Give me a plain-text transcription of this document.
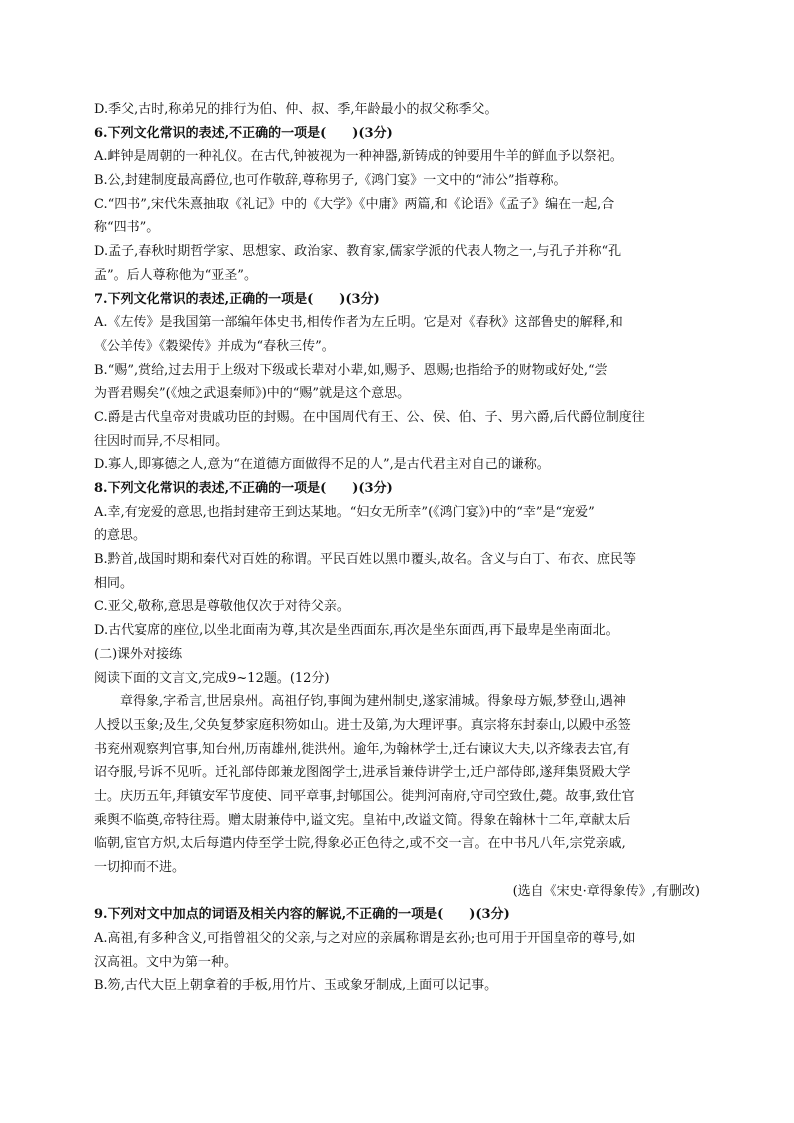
D.季父,古时,称弟兄的排行为伯、仲、叔、季,年龄最小的叔父称季父。
6.下列文化常识的表述,不正确的一项是(　　)(3分)
A.衅钟是周朝的一种礼仪。在古代,钟被视为一种神器,新铸成的钟要用牛羊的鲜血予以祭祀。
B.公,封建制度最高爵位,也可作敬辞,尊称男子,《鸿门宴》一文中的“沛公”指尊称。
C.“四书”,宋代朱熹抽取《礼记》中的《大学》《中庸》两篇,和《论语》《孟子》编在一起,合
称“四书”。
D.孟子,春秋时期哲学家、思想家、政治家、教育家,儒家学派的代表人物之一,与孔子并称“孔
孟”。后人尊称他为“亚圣”。
7.下列文化常识的表述,正确的一项是(　　)(3分)
A.《左传》是我国第一部编年体史书,相传作者为左丘明。它是对《春秋》这部鲁史的解释,和
《公羊传》《穀梁传》并成为“春秋三传”。
B.“赐”,赏给,过去用于上级对下级或长辈对小辈,如,赐予、恩赐;也指给予的财物或好处,“尝
为晋君赐矣”(《烛之武退秦师》)中的“赐”就是这个意思。
C.爵是古代皇帝对贵戚功臣的封赐。在中国周代有王、公、侯、伯、子、男六爵,后代爵位制度往
往因时而异,不尽相同。
D.寡人,即寡德之人,意为“在道德方面做得不足的人”,是古代君主对自己的谦称。
8.下列文化常识的表述,不正确的一项是(　　)(3分)
A.幸,有宠爱的意思,也指封建帝王到达某地。“妇女无所幸”(《鸿门宴》)中的“幸”是“宠爱”
的意思。
B.黔首,战国时期和秦代对百姓的称谓。平民百姓以黑巾覆头,故名。含义与白丁、布衣、庶民等
相同。
C.亚父,敬称,意思是尊敬他仅次于对待父亲。
D.古代宴席的座位,以坐北面南为尊,其次是坐西面东,再次是坐东面西,再下最卑是坐南面北。
(二)课外对接练
阅读下面的文言文,完成9~12题。(12分)
章得象,字希言,世居泉州。高祖仔钧,事闽为建州制史,遂家浦城。得象母方娠,梦登山,遇神
人授以玉象;及生,父奂复梦家庭积笏如山。进士及第,为大理评事。真宗将东封泰山,以殿中丞签
书兖州观察判官事,知台州,历南雄州,徙洪州。逾年,为翰林学士,迁右谏议大夫,以齐缘表去官,有
诏夺服,号诉不见听。迁礼部侍郎兼龙图阁学士,进承旨兼侍讲学士,迁户部侍郎,遂拜集贤殿大学
士。庆历五年,拜镇安军节度使、同平章事,封郇国公。徙判河南府,守司空致仕,薨。故事,致仕官
乘舆不临奠,帝特往焉。赠太尉兼侍中,谥文宪。皇祐中,改谥文简。得象在翰林十二年,章献太后
临朝,宦官方炽,太后每遣内侍至学士院,得象必正色待之,或不交一言。在中书凡八年,宗党亲戚,
一切抑而不进。
(选自《宋史·章得象传》,有删改)
9.下列对文中加点的词语及相关内容的解说,不正确的一项是(　　)(3分)
A.高祖,有多种含义,可指曾祖父的父亲,与之对应的亲属称谓是玄孙;也可用于开国皇帝的尊号,如
汉高祖。文中为第一种。
B.笏,古代大臣上朝拿着的手板,用竹片、玉或象牙制成,上面可以记事。
